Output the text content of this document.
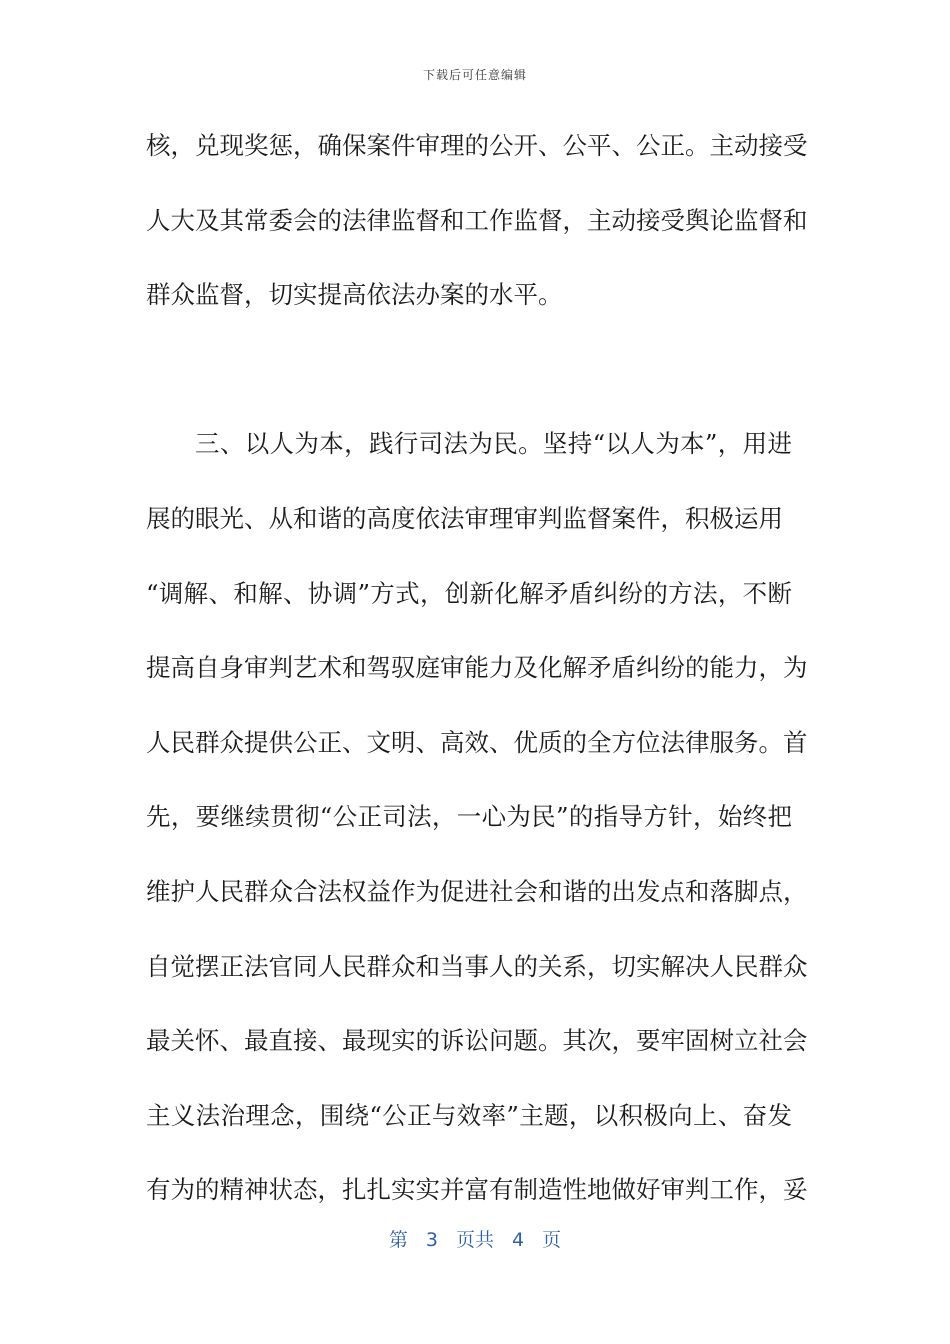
下载后可任意编辑
核，兑现奖惩，确保案件审理的公开、公平、公正。主动接受
人大及其常委会的法律监督和工作监督，主动接受舆论监督和
群众监督，切实提高依法办案的水平。
三、以人为本，践行司法为民。坚持“以人为本”，用进
展的眼光、从和谐的高度依法审理审判监督案件，积极运用
“调解、和解、协调”方式，创新化解矛盾纠纷的方法，不断
提高自身审判艺术和驾驭庭审能力及化解矛盾纠纷的能力，为
人民群众提供公正、文明、高效、优质的全方位法律服务。首
先，要继续贯彻“公正司法，一心为民”的指导方针，始终把
维护人民群众合法权益作为促进社会和谐的出发点和落脚点，
自觉摆正法官同人民群众和当事人的关系，切实解决人民群众
最关怀、最直接、最现实的诉讼问题。其次，要牢固树立社会
主义法治理念，围绕“公正与效率”主题，以积极向上、奋发
有为的精神状态，扎扎实实并富有制造性地做好审判工作，妥
第 3 页共 4 页
